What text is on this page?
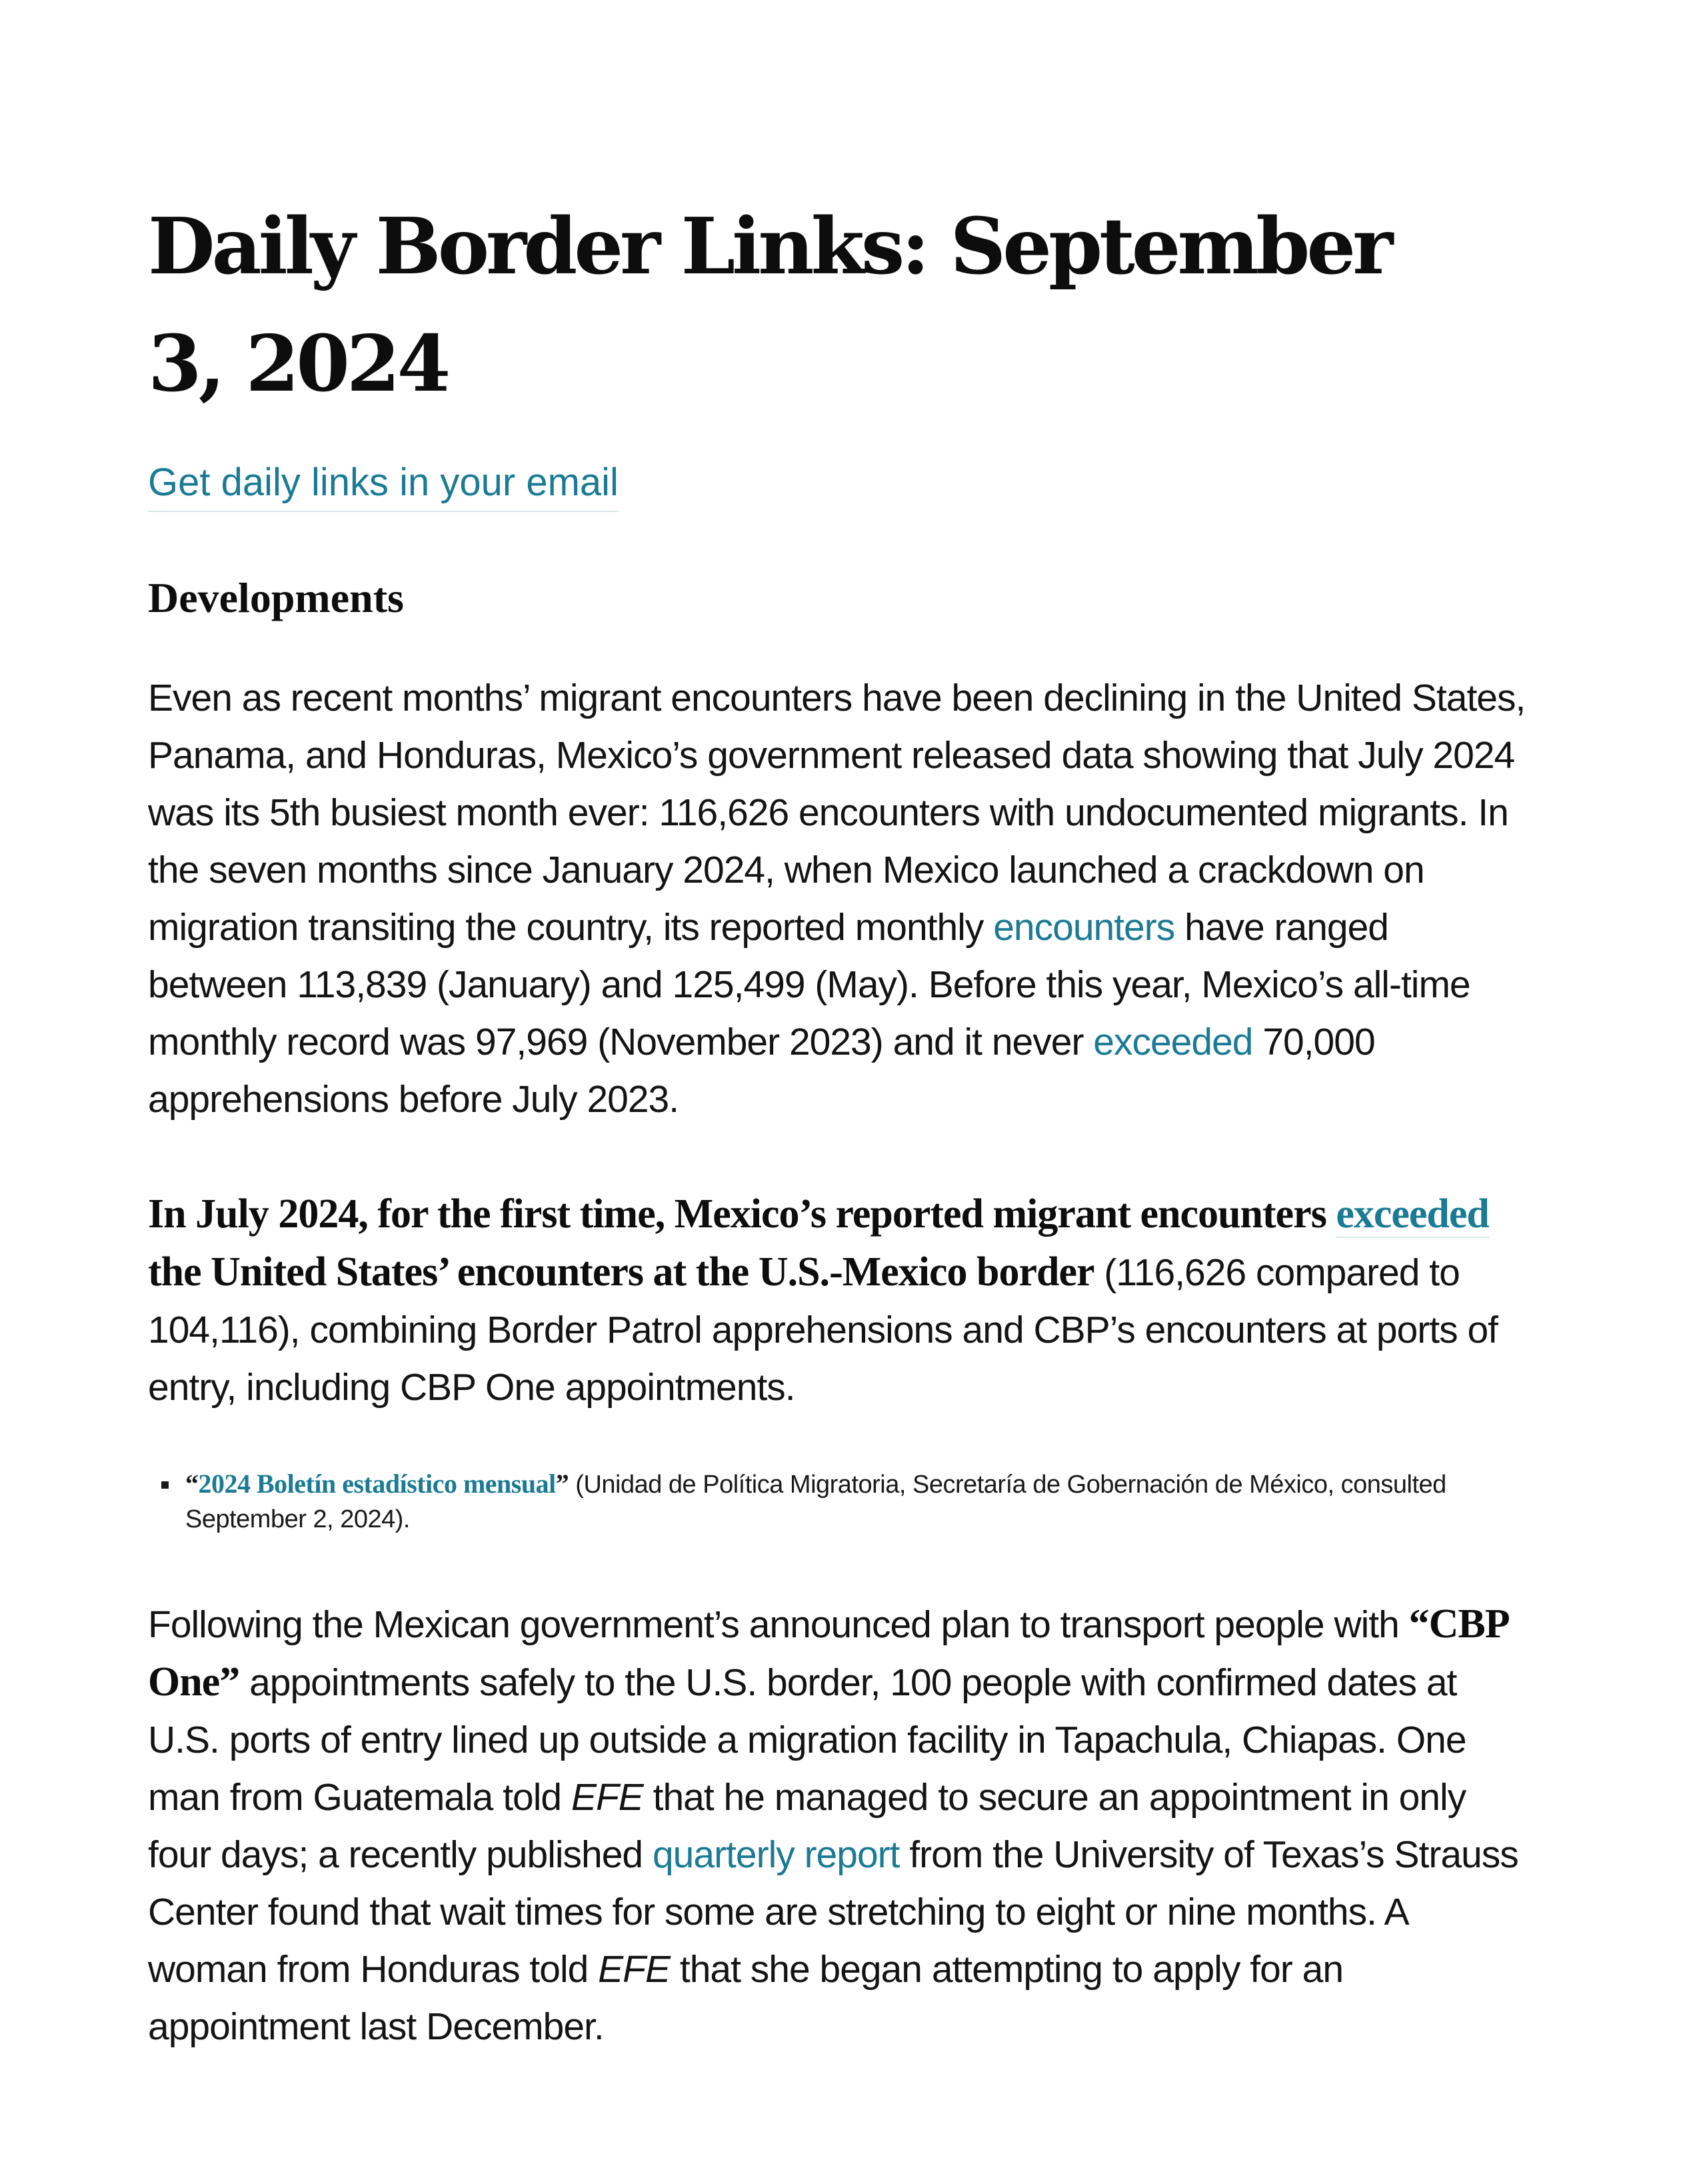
Daily Border Links: September 3, 2024
Get daily links in your email
Developments

Even as recent months’ migrant encounters have been declining in the United States, Panama, and Honduras, Mexico’s government released data showing that July 2024 was its 5th busiest month ever: 116,626 encounters with undocumented migrants. In the seven months since January 2024, when Mexico launched a crackdown on migration transiting the country, its reported monthly encounters have ranged between 113,839 (January) and 125,499 (May). Before this year, Mexico’s all-time monthly record was 97,969 (November 2023) and it never exceeded 70,000 apprehensions before July 2023.

In July 2024, for the first time, Mexico’s reported migrant encounters exceeded the United States’ encounters at the U.S.-Mexico border (116,626 compared to 104,116), combining Border Patrol apprehensions and CBP’s encounters at ports of entry, including CBP One appointments.

“2024 Boletín estadístico mensual” (Unidad de Política Migratoria, Secretaría de Gobernación de México, consulted September 2, 2024).

Following the Mexican government’s announced plan to transport people with “CBP One” appointments safely to the U.S. border, 100 people with confirmed dates at U.S. ports of entry lined up outside a migration facility in Tapachula, Chiapas. One man from Guatemala told EFE that he managed to secure an appointment in only four days; a recently published quarterly report from the University of Texas’s Strauss Center found that wait times for some are stretching to eight or nine months. A woman from Honduras told EFE that she began attempting to apply for an appointment last December.
